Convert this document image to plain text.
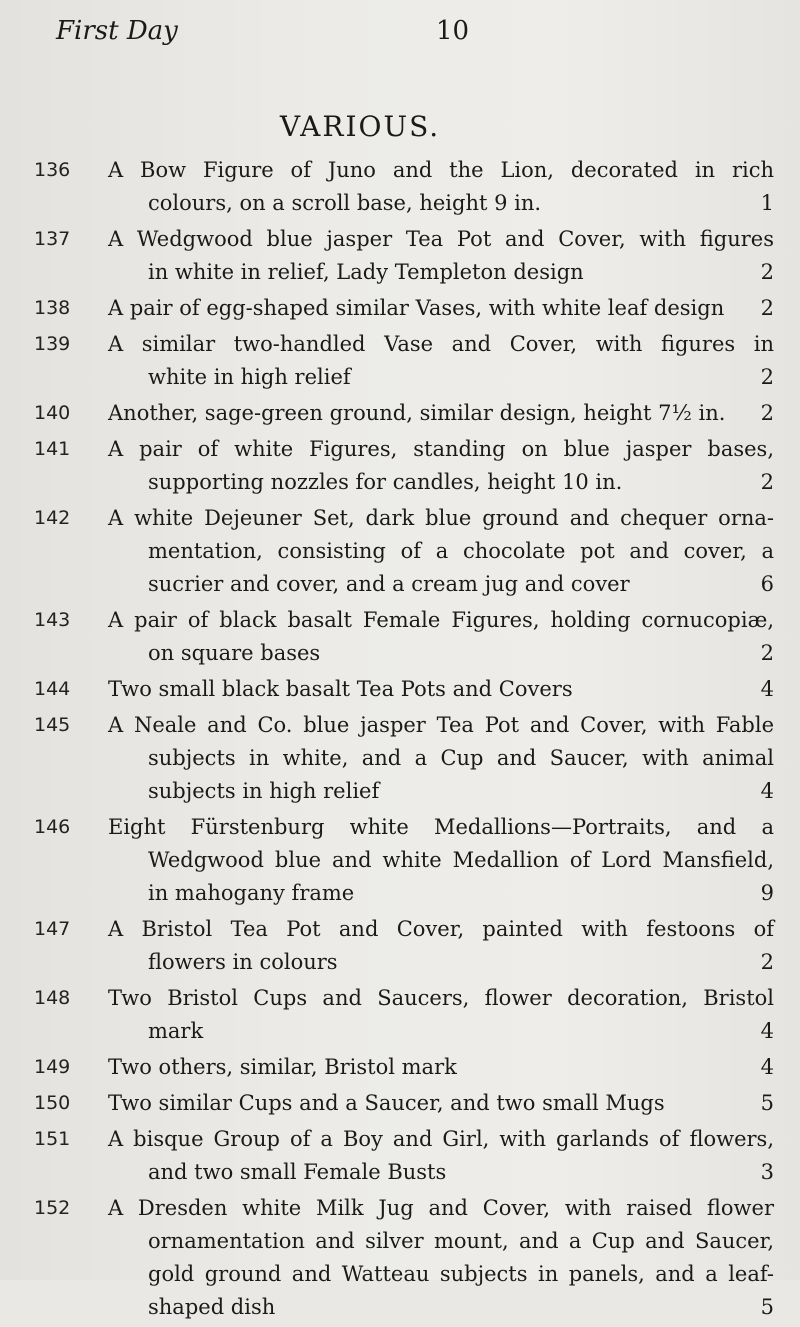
First Day	10
VARIOUS.
136	A Bow Figure of Juno and the Lion, decorated in rich
colours, on a scroll base, height 9 in.	1
137	A Wedgwood blue jasper Tea Pot and Cover, with figures
in white in relief, Lady Templeton design	2
138	A pair of egg-shaped similar Vases, with white leaf design 2
139	A similar two-handled Vase and Cover, with figures in
white in high relief	2
140	Another, sage-green ground, similar design, height 7½ in. 2
141	A pair of white Figures, standing on blue jasper bases,
supporting nozzles for candles, height 10 in.	2
142	A white Dejeuner Set, dark blue ground and chequer orna-
mentation, consisting of a chocolate pot and cover, a
sucrier and cover, and a cream jug and cover	6
143	A pair of black basalt Female Figures, holding cornucopiæ,
on square bases	2
144	Two small black basalt Tea Pots and Covers	4
145	A Neale and Co. blue jasper Tea Pot and Cover, with Fable
subjects in white, and a Cup and Saucer, with animal
subjects in high relief	4
146	Eight Fürstenburg white Medallions—Portraits, and a
Wedgwood blue and white Medallion of Lord Mansfield,
in mahogany frame	9
147	A Bristol Tea Pot and Cover, painted with festoons of
flowers in colours	2
148	Two Bristol Cups and Saucers, flower decoration, Bristol
mark	4
149	Two others, similar, Bristol mark	4
150	Two similar Cups and a Saucer, and two small Mugs	5
151	A bisque Group of a Boy and Girl, with garlands of flowers,
and two small Female Busts	3
152	A Dresden white Milk Jug and Cover, with raised flower
ornamentation and silver mount, and a Cup and Saucer,
gold ground and Watteau subjects in panels, and a leaf-
shaped dish	5
